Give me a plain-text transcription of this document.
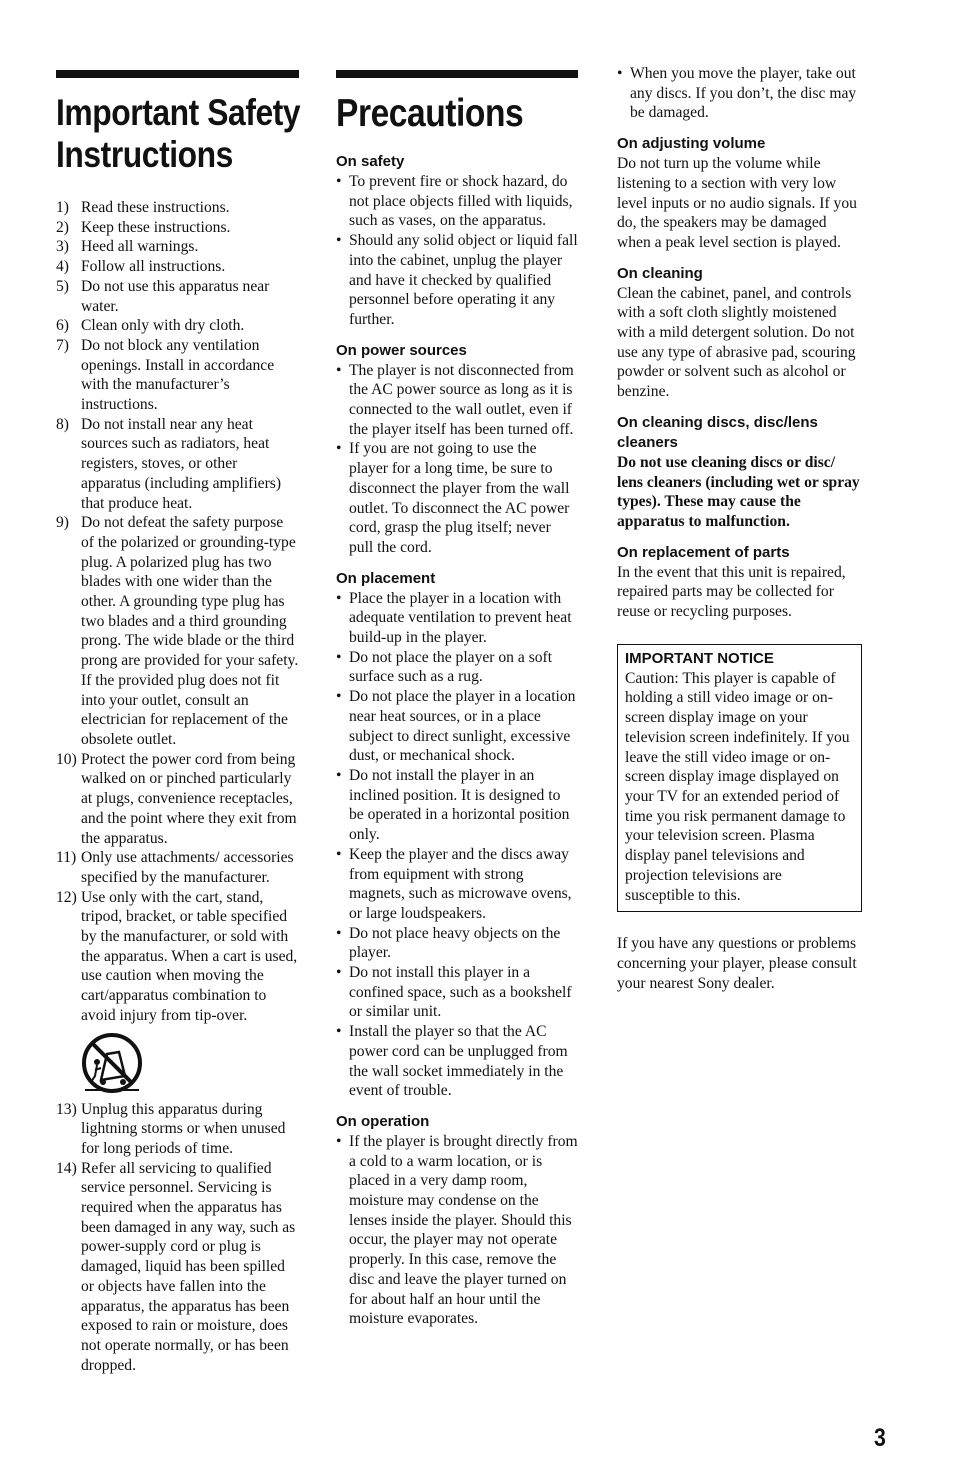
Important Safety
Instructions
1) Read these instructions.
2) Keep these instructions.
3) Heed all warnings.
4) Follow all instructions.
5) Do not use this apparatus near water.
6) Clean only with dry cloth.
7) Do not block any ventilation openings. Install in accordance with the manufacturer’s instructions.
8) Do not install near any heat sources such as radiators, heat registers, stoves, or other apparatus (including amplifiers) that produce heat.
9) Do not defeat the safety purpose of the polarized or grounding-type plug. A polarized plug has two blades with one wider than the other. A grounding type plug has two blades and a third grounding prong. The wide blade or the third prong are provided for your safety. If the provided plug does not fit into your outlet, consult an electrician for replacement of the obsolete outlet.
10) Protect the power cord from being walked on or pinched particularly at plugs, convenience receptacles, and the point where they exit from the apparatus.
11) Only use attachments/ accessories specified by the manufacturer.
12) Use only with the cart, stand, tripod, bracket, or table specified by the manufacturer, or sold with the apparatus. When a cart is used, use caution when moving the cart/apparatus combination to avoid injury from tip-over.
13) Unplug this apparatus during lightning storms or when unused for long periods of time.
14) Refer all servicing to qualified service personnel. Servicing is required when the apparatus has been damaged in any way, such as power-supply cord or plug is damaged, liquid has been spilled or objects have fallen into the apparatus, the apparatus has been exposed to rain or moisture, does not operate normally, or has been dropped.
Precautions
On safety
• To prevent fire or shock hazard, do not place objects filled with liquids, such as vases, on the apparatus.
• Should any solid object or liquid fall into the cabinet, unplug the player and have it checked by qualified personnel before operating it any further.
On power sources
• The player is not disconnected from the AC power source as long as it is connected to the wall outlet, even if the player itself has been turned off.
• If you are not going to use the player for a long time, be sure to disconnect the player from the wall outlet. To disconnect the AC power cord, grasp the plug itself; never pull the cord.
On placement
• Place the player in a location with adequate ventilation to prevent heat build-up in the player.
• Do not place the player on a soft surface such as a rug.
• Do not place the player in a location near heat sources, or in a place subject to direct sunlight, excessive dust, or mechanical shock.
• Do not install the player in an inclined position. It is designed to be operated in a horizontal position only.
• Keep the player and the discs away from equipment with strong magnets, such as microwave ovens, or large loudspeakers.
• Do not place heavy objects on the player.
• Do not install this player in a confined space, such as a bookshelf or similar unit.
• Install the player so that the AC power cord can be unplugged from the wall socket immediately in the event of trouble.
On operation
• If the player is brought directly from a cold to a warm location, or is placed in a very damp room, moisture may condense on the lenses inside the player. Should this occur, the player may not operate properly. In this case, remove the disc and leave the player turned on for about half an hour until the moisture evaporates.
• When you move the player, take out any discs. If you don’t, the disc may be damaged.
On adjusting volume

Do not turn up the volume while listening to a section with very low level inputs or no audio signals. If you do, the speakers may be damaged when a peak level section is played.

On cleaning

Clean the cabinet, panel, and controls with a soft cloth slightly moistened with a mild detergent solution. Do not use any type of abrasive pad, scouring powder or solvent such as alcohol or benzine.

On cleaning discs, disc/lens cleaners

Do not use cleaning discs or disc/ lens cleaners (including wet or spray types). These may cause the apparatus to malfunction.

On replacement of parts

In the event that this unit is repaired, repaired parts may be collected for reuse or recycling purposes.

IMPORTANT NOTICE

Caution: This player is capable of holding a still video image or on-screen display image on your television screen indefinitely. If you leave the still video image or on-screen display image displayed on your TV for an extended period of time you risk permanent damage to your television screen. Plasma display panel televisions and projection televisions are susceptible to this.

If you have any questions or problems concerning your player, please consult your nearest Sony dealer.

3
